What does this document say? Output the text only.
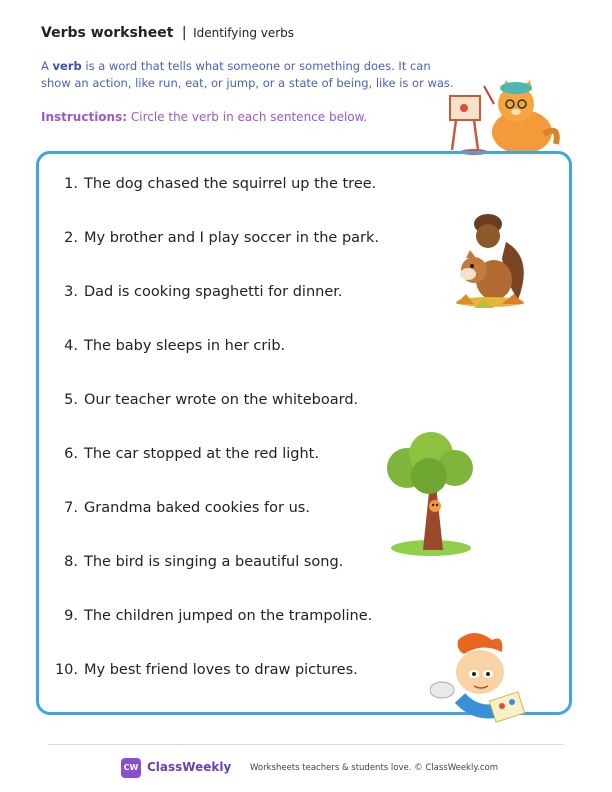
Verbs worksheet | Identifying verbs
A verb is a word that tells what someone or something does. It can show an action, like run, eat, or jump, or a state of being, like is or was.
Instructions: Circle the verb in each sentence below.
1. The dog chased the squirrel up the tree.
2. My brother and I play soccer in the park.
3. Dad is cooking spaghetti for dinner.
4. The baby sleeps in her crib.
5. Our teacher wrote on the whiteboard.
6. The car stopped at the red light.
7. Grandma baked cookies for us.
8. The bird is singing a beautiful song.
9. The children jumped on the trampoline.
10. My best friend loves to draw pictures.
CW ClassWeekly Worksheets teachers & students love. © ClassWeekly.com
